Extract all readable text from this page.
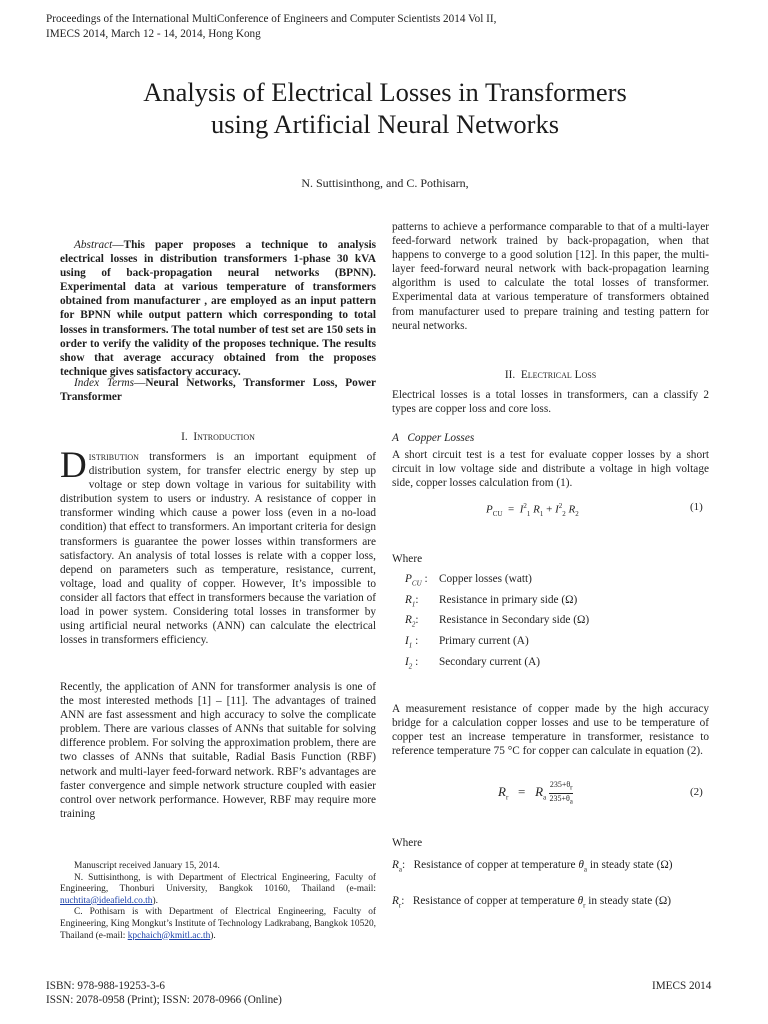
Proceedings of the International MultiConference of Engineers and Computer Scientists 2014 Vol II,
IMECS 2014, March 12 - 14, 2014, Hong Kong
Analysis of Electrical Losses in Transformers
using Artificial Neural Networks
N. Suttisinthong, and C. Pothisarn,

Abstract—This paper proposes a technique to analysis electrical losses in distribution transformers 1-phase 30 kVA using of back-propagation neural networks (BPNN). Experimental data at various temperature of transformers obtained from manufacturer , are employed as an input pattern for BPNN while output pattern which corresponding to total losses in transformers. The total number of test set are 150 sets in order to verify the validity of the proposes technique. The results show that average accuracy obtained from the proposes technique gives satisfactory accuracy.

Index Terms—Neural Networks, Transformer Loss, Power Transformer

I. Introduction

Distribution transformers is an important equipment of distribution system, for transfer electric energy by step up voltage or step down voltage in various for suitability with distribution system to users or industry. A resistance of copper in transformer winding which cause a power loss (even in a no-load condition) that effect to transformers. An important criteria for design transformers is guarantee the power losses within transformers are satisfactory. An analysis of total losses is relate with a copper loss, depend on parameters such as temperature, resistance, current, voltage, load and quality of copper. However, It’s impossible to consider all factors that effect in transformers because the variation of load in power system. Considering total losses in transformer by using artificial neural networks (ANN) can calculate the electrical losses in transformers efficiency.

Recently, the application of ANN for transformer analysis is one of the most interested methods [1] – [11]. The advantages of trained ANN are fast assessment and high accuracy to solve the complicate problem. There are various classes of ANNs that suitable for solving difference problem. For solving the approximation problem, there are two classes of ANNs that suitable, Radial Basis Function (RBF) network and multi-layer feed-forward network. RBF’s advantages are faster convergence and simple network structure coupled with easier control over network performance. However, RBF may require more training

Manuscript received January 15, 2014.

N. Suttisinthong, is with Department of Electrical Engineering, Faculty of Engineering, Thonburi University, Bangkok 10160, Thailand (e-mail: nuchtita@ideafield.co.th).

C. Pothisarn is with Department of Electrical Engineering, Faculty of Engineering, King Mongkut’s Institute of Technology Ladkrabang, Bangkok 10520, Thailand (e-mail: kpchaich@kmitl.ac.th).

patterns to achieve a performance comparable to that of a multi-layer feed-forward network trained by back-propagation, when that happens to converge to a good solution [12]. In this paper, the multi-layer feed-forward neural network with back-propagation learning algorithm is used to calculate the total losses of transformer. Experimental data at various temperature of transformers obtained from manufacturer used to prepare training and testing pattern for neural networks.

II. Electrical Loss

Electrical losses is a total losses in transformers, can a classify 2 types are copper loss and core loss.

A Copper Losses

A short circuit test is a test for evaluate copper losses by a short circuit in low voltage side and distribute a voltage in high voltage side, copper losses calculation from (1).

$P_{CU} = I^2_1$ $R_1 + I^2_2$ $R_2$
(1)
Where
$P_{CU}$ : Copper losses (watt)
$R_1$: Resistance in primary side (Ω)
$R_2$: Resistance in Secondary side (Ω)
$I_1$ : Primary current (A)
$I_2$ : Secondary current (A)

A measurement resistance of copper made by the high accuracy bridge for a calculation copper losses and use to be temperature of copper test an increase temperature in transformer, resistance to reference temperature 75 °C for copper can calculate in equation (2).

$R_r = R_a \frac{235+\theta_r}{235+\theta_a}$	(2)
Where
$R_a$:   Resistance of copper at temperature $\theta_a$ in steady state (Ω)
$R_r$:   Resistance of copper at temperature $\theta_r$ in steady state (Ω)
ISBN: 978-988-19253-3-6
ISSN: 2078-0958 (Print); ISSN: 2078-0966 (Online)
IMECS 2014
